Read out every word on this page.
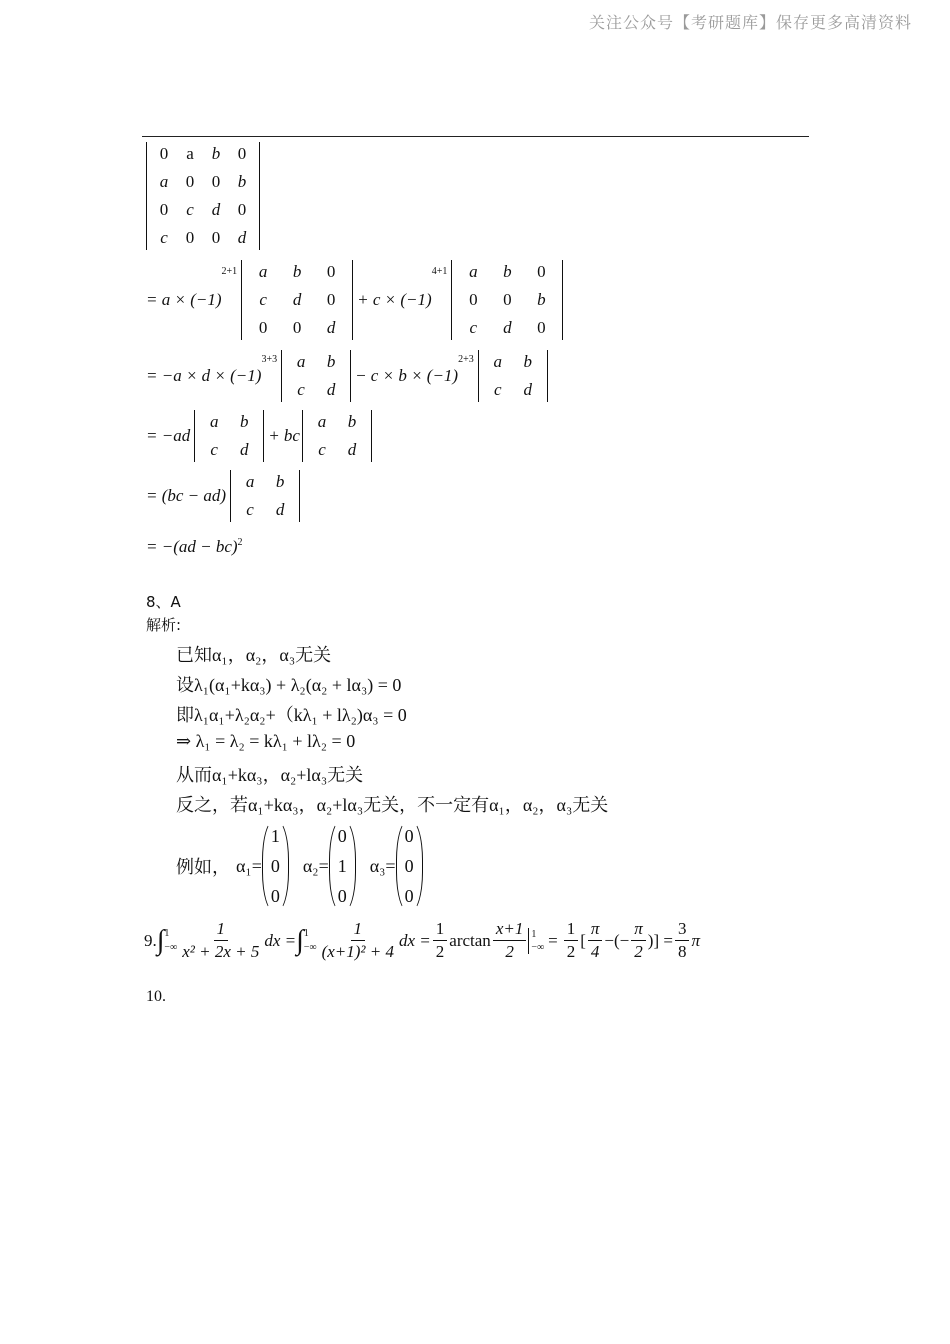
关注公众号【考研题库】保存更多高清资料
0	a	b	0
a	0	0	b
0	c	d	0
c	0	0	d
= a × (−1)
2+1	a	b	0
c	d	0
0	0	d
+ c × (−1)
4+1	a	b	0
0	0	b
c	d	0
= −a × d × (−1)
3+3	a	b
c	d
− c × b × (−1)
2+3	a	b
c	d
= −ad
a	b
c	d
+ bc
a	b
c	d
= (bc − ad)
a	b
c	d
= −(ad − bc)$^2$
8、A
解析:
已知α₁，α₂，α₃无关
设λ₁(α₁+kα₃) + λ₂(α₂ + lα₃) = 0
即λ₁α₁+λ₂α₂+（kλ₁ + lλ₂)α₃ = 0
⇒ λ₁ = λ₂ = kλ₁ + lλ₂ = 0
从而α₁+kα₃，α₂+lα₃无关
反之，若α₁+kα₃，α₂+lα₃无关，不一定有α₁，α₂，α₃无关
例如， α₁=
1
0
0
α₂=
0
1
0
α₃=
0
0
0
9. ∫ 1
−∞ $\frac{1}{\text{x² + 2x + 5}}$ dx = ∫ 1
−∞ $\frac{1}{\text{(x+1)² + 4}}$ dx = $\frac{1}{2}$ $\arctan \frac{x+1}{2} 1$
−∞ = $\frac{1}{2}$ [ $\frac{\pi}{4}$ −(− $\frac{\pi}{2}$ )] = $\frac{3}{8}$ π
10.
